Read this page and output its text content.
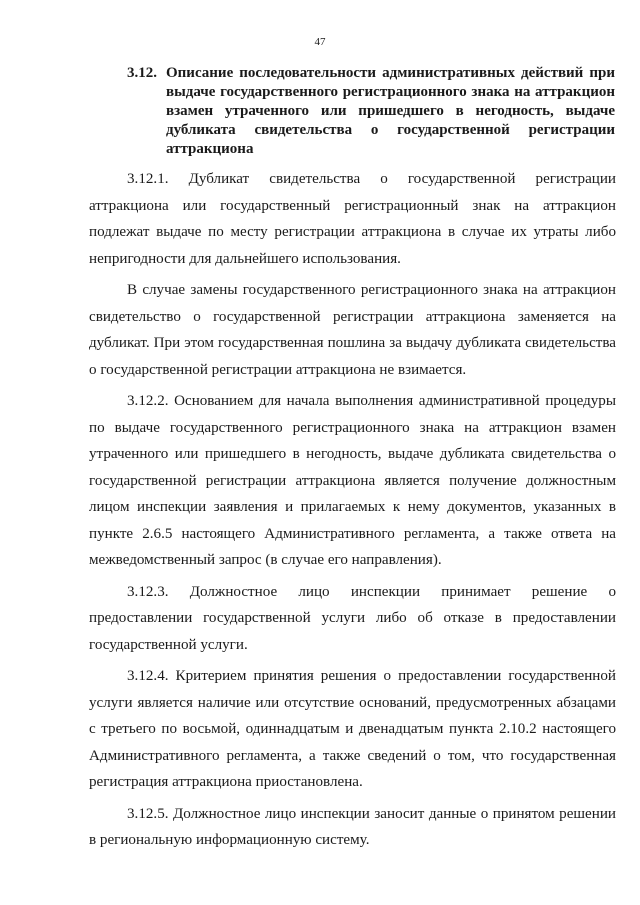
47
3.12. Описание последовательности административных действий при выдаче государственного регистрационного знака на аттракцион взамен утраченного или пришедшего в негодность, выдаче дубликата свидетельства о государственной регистрации аттракциона

3.12.1. Дубликат свидетельства о государственной регистрации аттракциона или государственный регистрационный знак на аттракцион подлежат выдаче по месту регистрации аттракциона в случае их утраты либо непригодности для дальнейшего использования.

В случае замены государственного регистрационного знака на аттракцион свидетельство о государственной регистрации аттракциона заменяется на дубликат. При этом государственная пошлина за выдачу дубликата свидетельства о государственной регистрации аттракциона не взимается.

3.12.2. Основанием для начала выполнения административной процедуры по выдаче государственного регистрационного знака на аттракцион взамен утраченного или пришедшего в негодность, выдаче дубликата свидетельства о государственной регистрации аттракциона является получение должностным лицом инспекции заявления и прилагаемых к нему документов, указанных в пункте 2.6.5 настоящего Административного регламента, а также ответа на межведомственный запрос (в случае его направления).

3.12.3. Должностное лицо инспекции принимает решение о предоставлении государственной услуги либо об отказе в предоставлении государственной услуги.

3.12.4. Критерием принятия решения о предоставлении государственной услуги является наличие или отсутствие оснований, предусмотренных абзацами с третьего по восьмой, одиннадцатым и двенадцатым пункта 2.10.2 настоящего Административного регламента, а также сведений о том, что государственная регистрация аттракциона приостановлена.

3.12.5. Должностное лицо инспекции заносит данные о принятом решении в региональную информационную систему.
